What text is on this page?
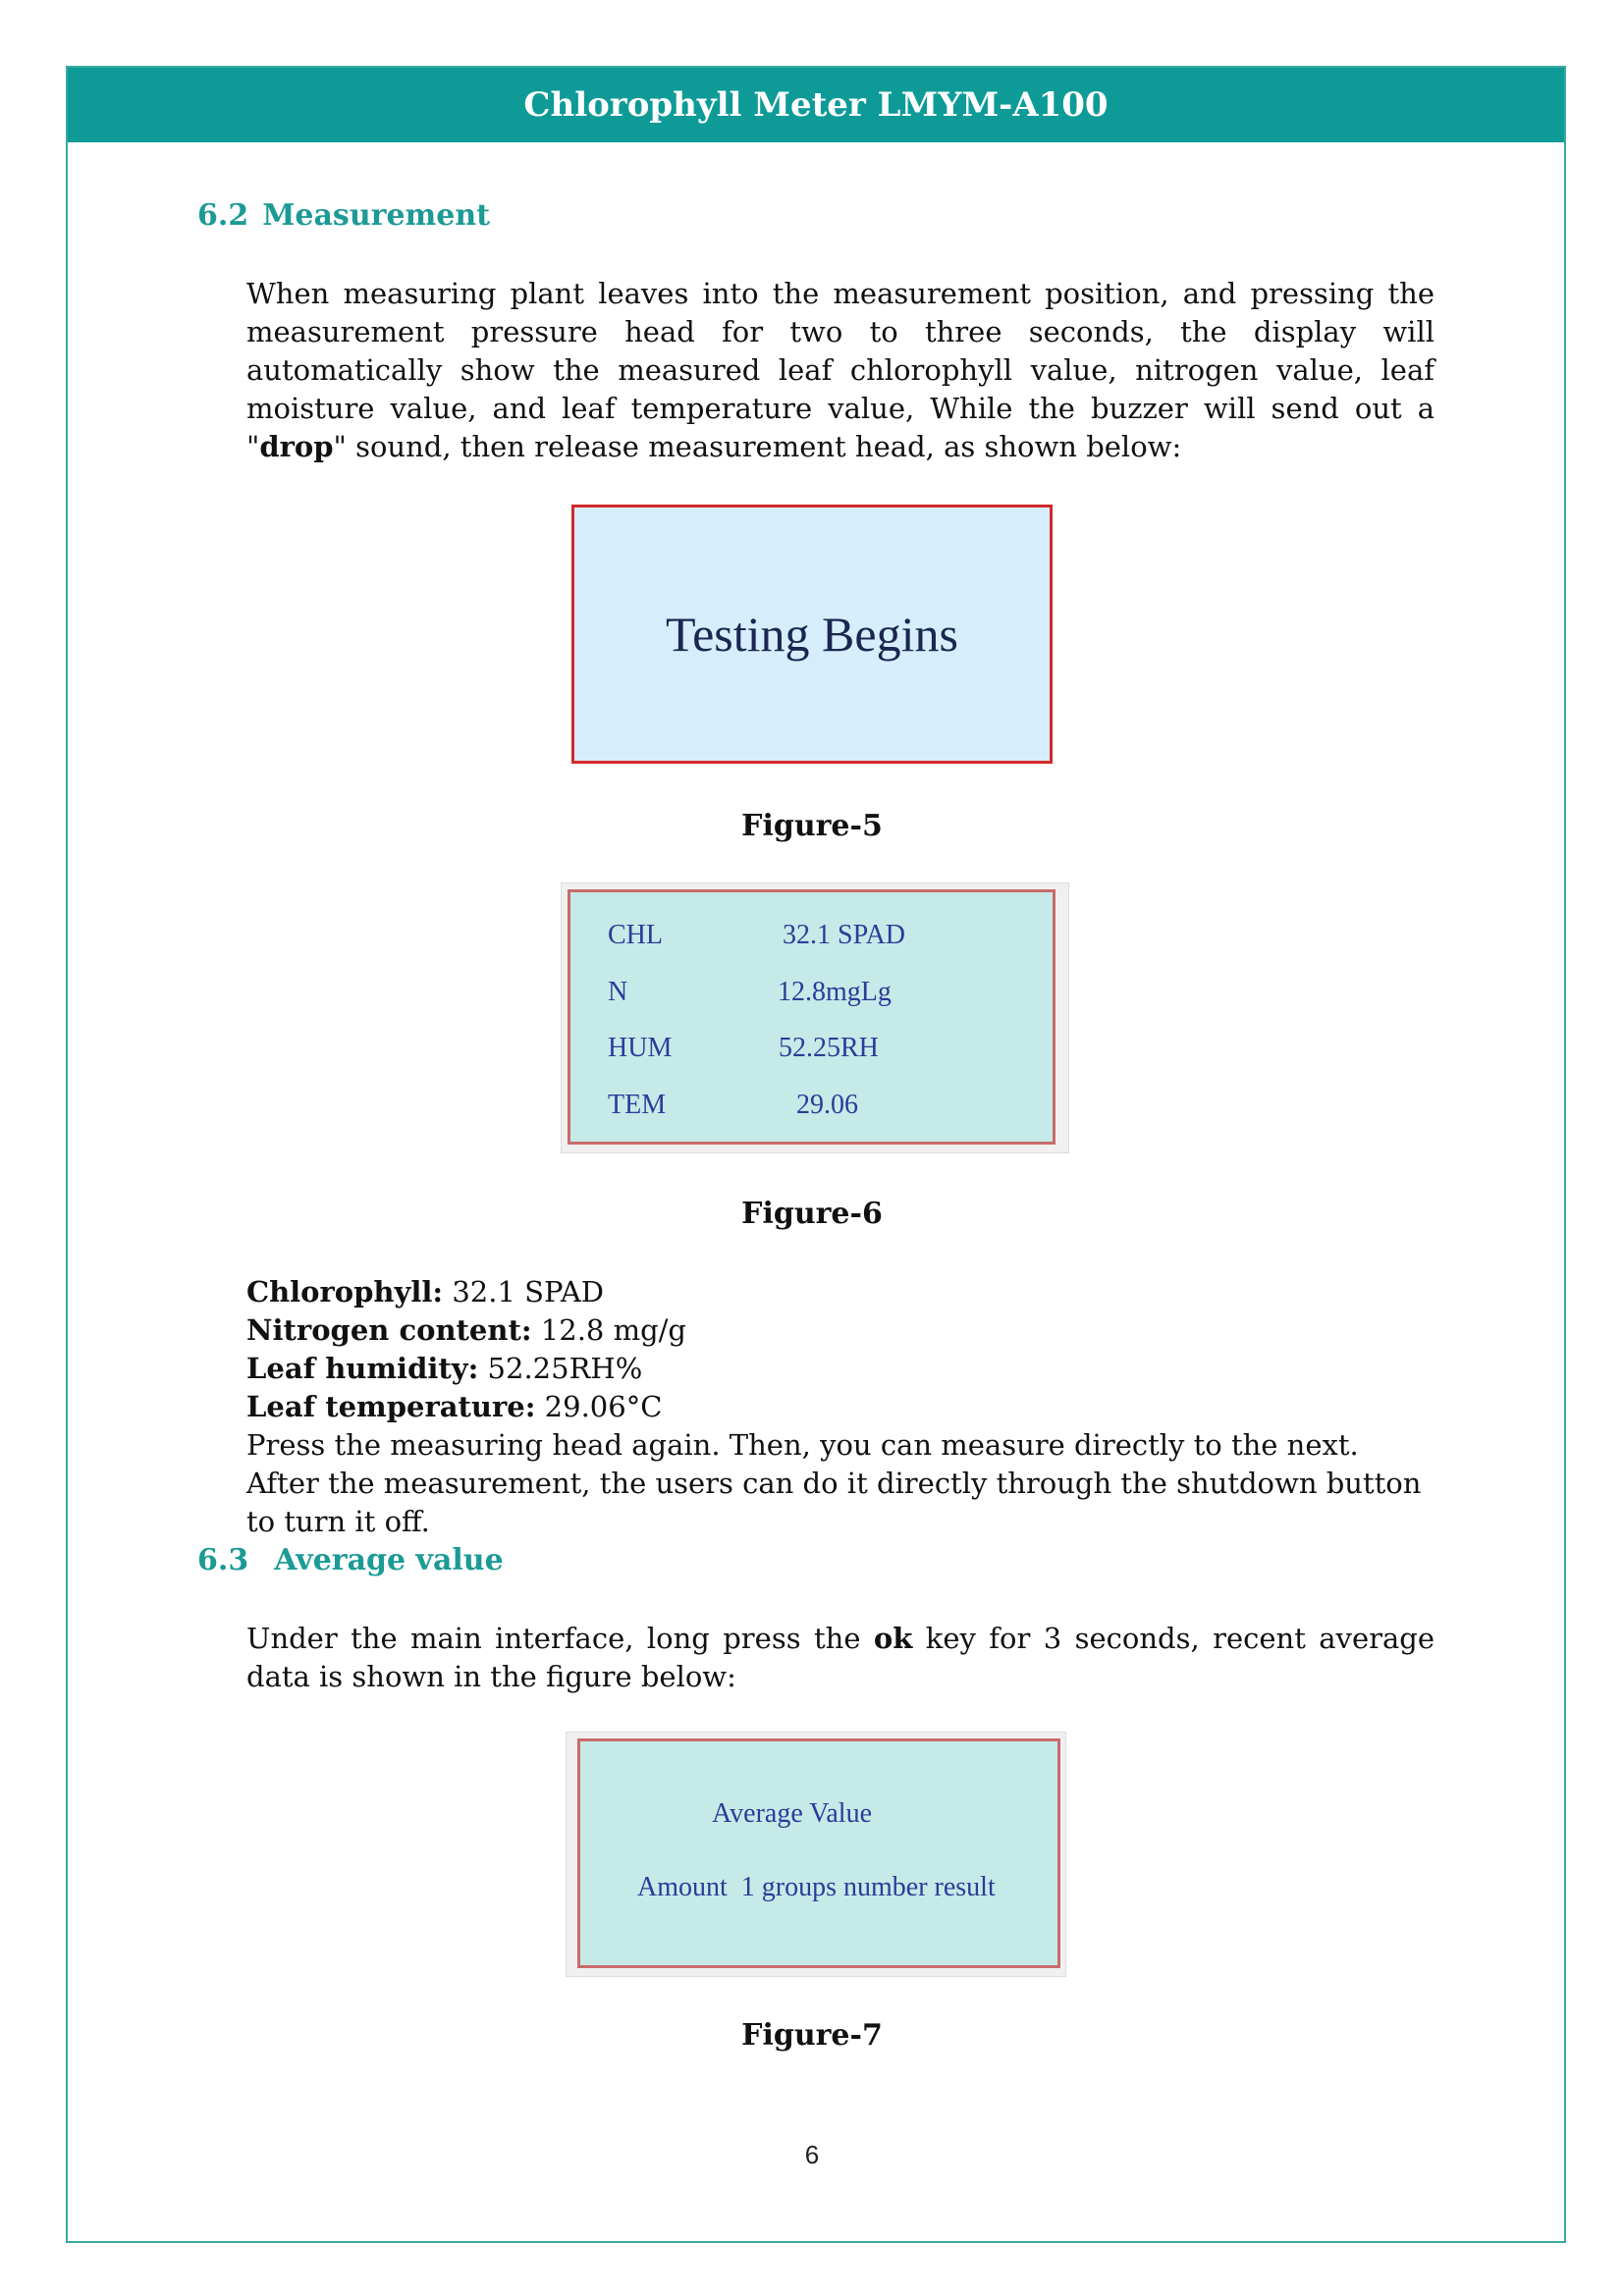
Chlorophyll Meter LMYM-A100
6.2 Measurement
When measuring plant leaves into the measurement position, and pressing the measurement pressure head for two to three seconds, the display will automatically show the measured leaf chlorophyll value, nitrogen value, leaf moisture value, and leaf temperature value, While the buzzer will send out a "drop" sound, then release measurement head, as shown below:
Testing Begins
Figure-5
CHL	32.1 SPAD
N	12.8mgLg
HUM	52.25RH
TEM	29.06
Figure-6
Chlorophyll: 32.1 SPAD
Nitrogen content: 12.8 mg/g
Leaf humidity: 52.25RH%
Leaf temperature: 29.06°C
Press the measuring head again. Then, you can measure directly to the next. After the measurement, the users can do it directly through the shutdown button to turn it off.
6.3 Average value
Under the main interface, long press the ok key for 3 seconds, recent average data is shown in the figure below:
Average Value
Amount  1 groups number result
Figure-7
6
